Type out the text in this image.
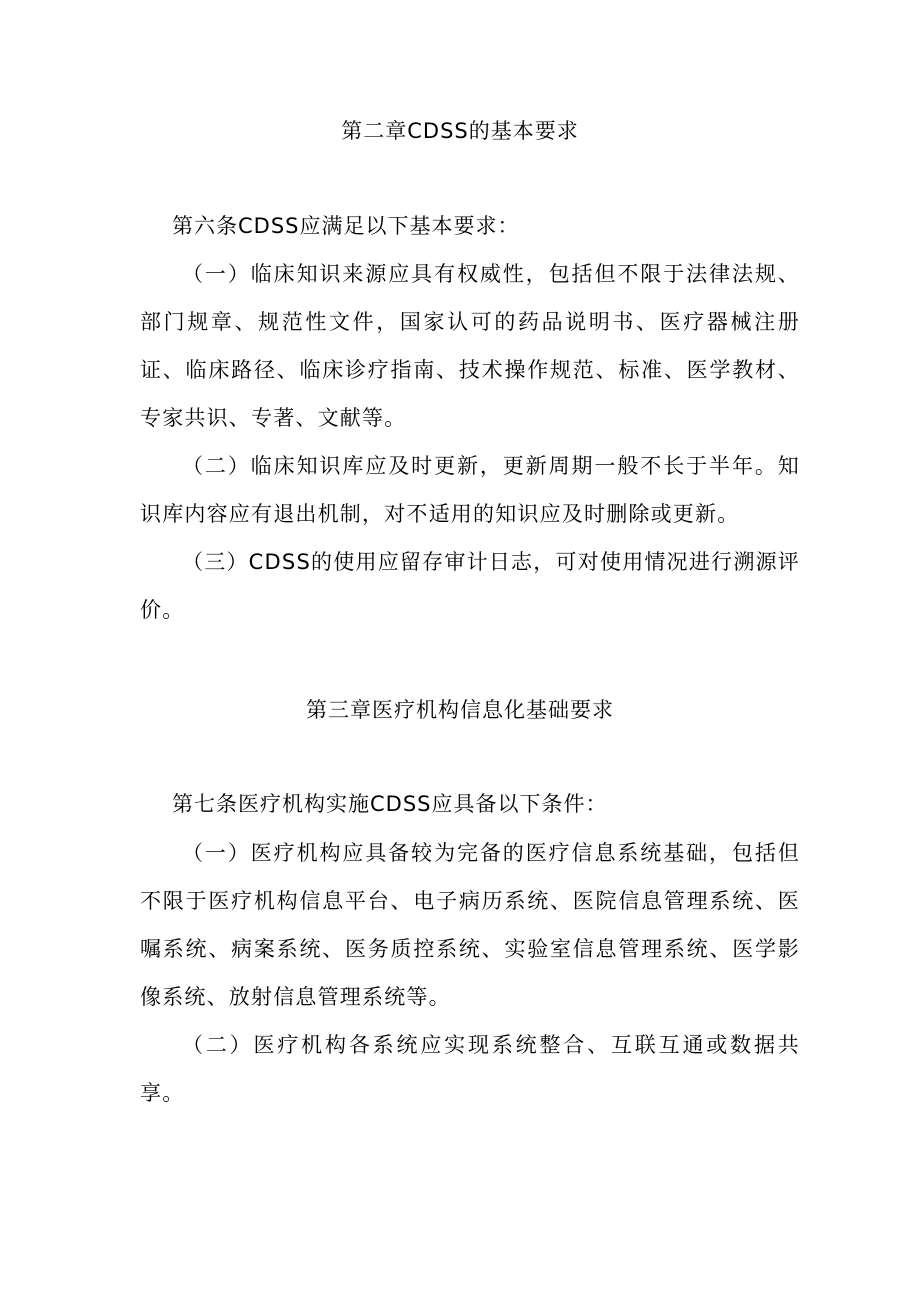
第二章CDSS的基本要求
第六条CDSS应满足以下基本要求：

（一）临床知识来源应具有权威性，包括但不限于法律法规、部门规章、规范性文件，国家认可的药品说明书、医疗器械注册证、临床路径、临床诊疗指南、技术操作规范、标准、医学教材、专家共识、专著、文献等。

（二）临床知识库应及时更新，更新周期一般不长于半年。知识库内容应有退出机制，对不适用的知识应及时删除或更新。

（三）CDSS的使用应留存审计日志，可对使用情况进行溯源评价。

第三章医疗机构信息化基础要求
第七条医疗机构实施CDSS应具备以下条件：

（一）医疗机构应具备较为完备的医疗信息系统基础，包括但不限于医疗机构信息平台、电子病历系统、医院信息管理系统、医嘱系统、病案系统、医务质控系统、实验室信息管理系统、医学影像系统、放射信息管理系统等。

（二）医疗机构各系统应实现系统整合、互联互通或数据共享。
